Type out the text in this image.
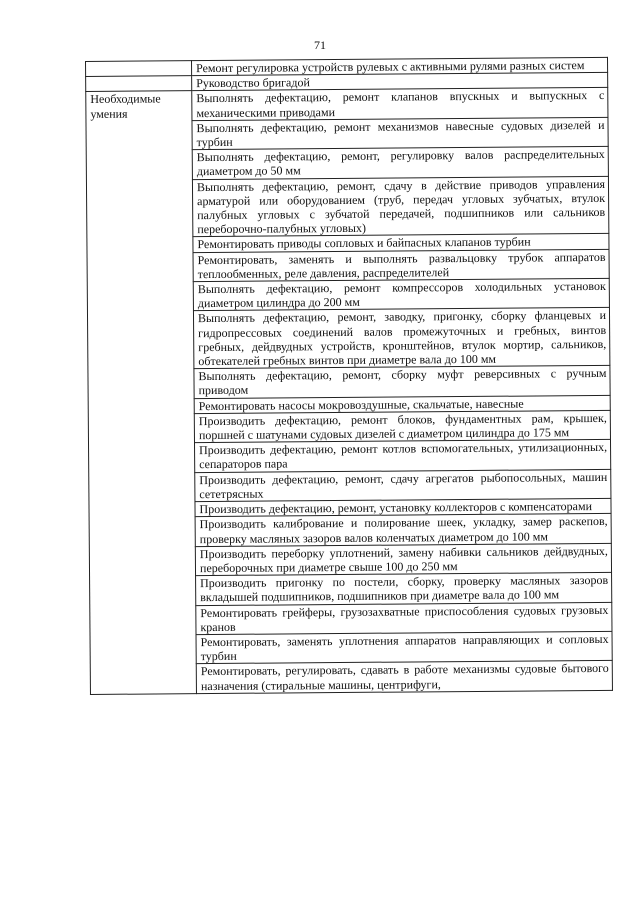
71
	Ремонт регулировка устройств рулевых с активными рулями разных систем
	Руководство бригадой

Необходимые умения	Выполнять дефектацию, ремонт клапанов впускных и выпускных с механическими приводами
	Выполнять дефектацию, ремонт механизмов навесные судовых дизелей и турбин
	Выполнять дефектацию, ремонт, регулировку валов распределительных диаметром до 50 мм
	Выполнять дефектацию, ремонт, сдачу в действие приводов управления арматурой или оборудованием (труб, передач угловых зубчатых, втулок палубных угловых с зубчатой передачей, подшипников или сальников переборочно-палубных угловых)
	Ремонтировать приводы сопловых и байпасных клапанов турбин
	Ремонтировать, заменять и выполнять развальцовку трубок аппаратов теплообменных, реле давления, распределителей
	Выполнять дефектацию, ремонт компрессоров холодильных установок диаметром цилиндра до 200 мм
	Выполнять дефектацию, ремонт, заводку, пригонку, сборку фланцевых и гидропрессовых соединений валов промежуточных и гребных, винтов гребных, дейдвудных устройств, кронштейнов, втулок мортир, сальников, обтекателей гребных винтов при диаметре вала до 100 мм
	Выполнять дефектацию, ремонт, сборку муфт реверсивных с ручным приводом
	Ремонтировать насосы мокровоздушные, скальчатые, навесные
	Производить дефектацию, ремонт блоков, фундаментных рам, крышек, поршней с шатунами судовых дизелей с диаметром цилиндра до 175 мм
	Производить дефектацию, ремонт котлов вспомогательных, утилизационных, сепараторов пара
	Производить дефектацию, ремонт, сдачу агрегатов рыбопосольных, машин сететрясных
	Производить дефектацию, ремонт, установку коллекторов с компенсаторами
	Производить калибрование и полирование шеек, укладку, замер раскепов, проверку масляных зазоров валов коленчатых диаметром до 100 мм
	Производить переборку уплотнений, замену набивки сальников дейдвудных, переборочных при диаметре свыше 100 до 250 мм
	Производить пригонку по постели, сборку, проверку масляных зазоров вкладышей подшипников, подшипников при диаметре вала до 100 мм
	Ремонтировать грейферы, грузозахватные приспособления судовых грузовых кранов
	Ремонтировать, заменять уплотнения аппаратов направляющих и сопловых турбин
	Ремонтировать, регулировать, сдавать в работе механизмы судовые бытового назначения (стиральные машины, центрифуги,
